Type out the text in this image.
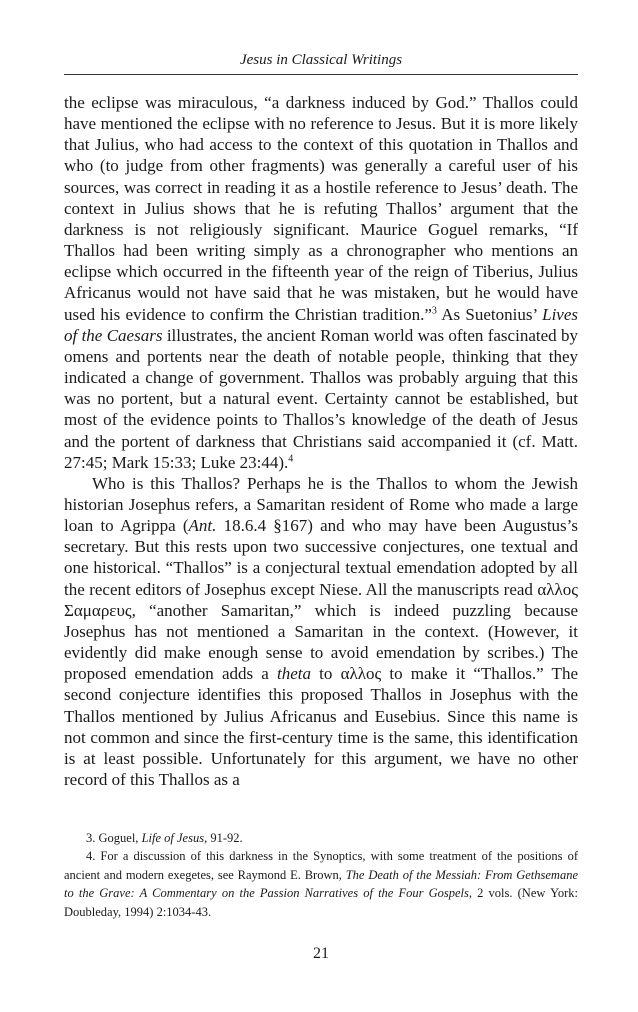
Jesus in Classical Writings

the eclipse was miraculous, “a darkness induced by God.” Thallos could have mentioned the eclipse with no reference to Jesus. But it is more likely that Julius, who had access to the context of this quotation in Thallos and who (to judge from other fragments) was generally a careful user of his sources, was correct in reading it as a hostile reference to Jesus’ death. The context in Julius shows that he is refuting Thallos’ argument that the darkness is not religiously significant. Maurice Goguel remarks, “If Thallos had been writing simply as a chronographer who mentions an eclipse which occurred in the fifteenth year of the reign of Tiberius, Julius Africanus would not have said that he was mistaken, but he would have used his evidence to confirm the Christian tradition.”$^3$ As Suetonius’ Lives of the Caesars illustrates, the ancient Roman world was often fascinated by omens and portents near the death of notable people, thinking that they indicated a change of government. Thallos was probably arguing that this was no portent, but a natural event. Certainty cannot be established, but most of the evidence points to Thallos’s knowledge of the death of Jesus and the portent of darkness that Christians said accompanied it (cf. Matt. 27:45; Mark 15:33; Luke 23:44).$^4$

Who is this Thallos? Perhaps he is the Thallos to whom the Jewish historian Josephus refers, a Samaritan resident of Rome who made a large loan to Agrippa (Ant. 18.6.4 §167) and who may have been Augustus’s secretary. But this rests upon two successive conjectures, one textual and one historical. “Thallos” is a conjectural textual emendation adopted by all the recent editors of Josephus except Niese. All the manuscripts read αλλος Σαμαρευς, “another Samaritan,” which is indeed puzzling because Josephus has not mentioned a Samaritan in the context. (However, it evidently did make enough sense to avoid emendation by scribes.) The proposed emendation adds a theta to αλλος to make it “Thallos.” The second conjecture identifies this proposed Thallos in Josephus with the Thallos mentioned by Julius Africanus and Eusebius. Since this name is not common and since the first-century time is the same, this identification is at least possible. Unfortunately for this argument, we have no other record of this Thallos as a

3. Goguel, Life of Jesus, 91-92.

4. For a discussion of this darkness in the Synoptics, with some treatment of the positions of ancient and modern exegetes, see Raymond E. Brown, The Death of the Messiah: From Gethsemane to the Grave: A Commentary on the Passion Narratives of the Four Gospels, 2 vols. (New York: Doubleday, 1994) 2:1034-43.

21
